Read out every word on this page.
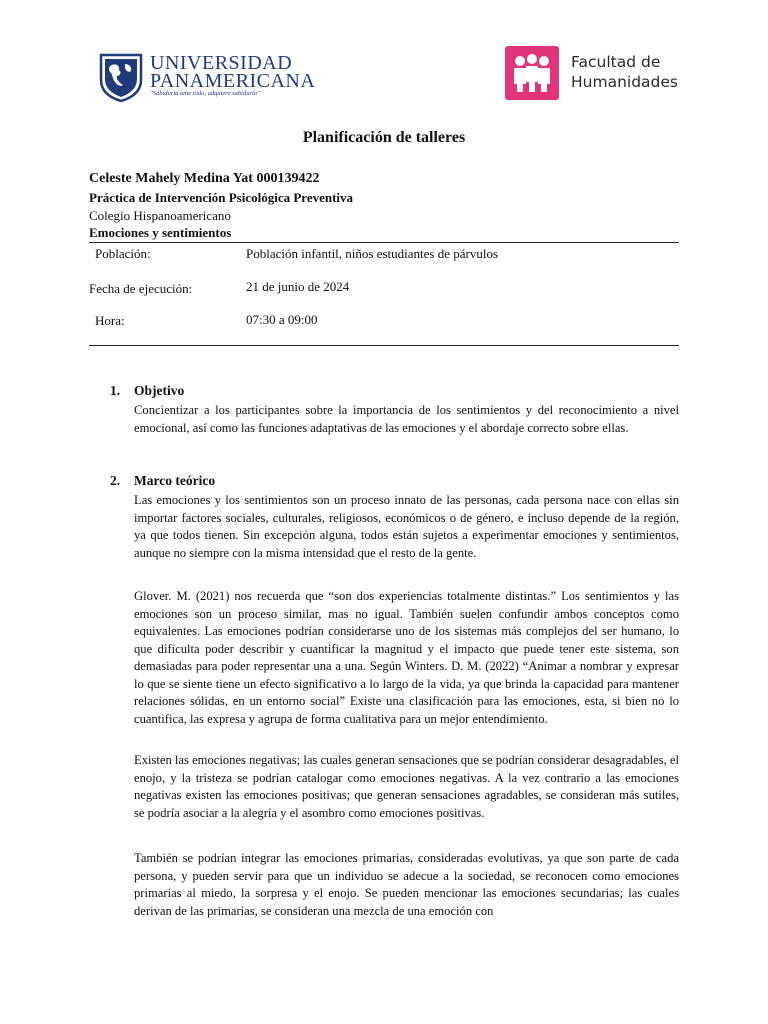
UNIVERSIDAD
PANAMERICANA
"Sabiduría ante todo, adquiere sabiduría"
Facultad de
Humanidades
Planificación de talleres
Celeste Mahely Medina Yat 000139422
Práctica de Intervención Psicológica Preventiva
Colegio Hispanoamericano
Emociones y sentimientos
Población:	Población infantil, niños estudiantes de párvulos
Fecha de ejecución:	21 de junio de 2024
Hora:	07:30 a 09:00
1. Objetivo
Concientizar a los participantes sobre la importancia de los sentimientos y del reconocimiento a nivel emocional, así como las funciones adaptativas de las emociones y el abordaje correcto sobre ellas.
2. Marco teórico
Las emociones y los sentimientos son un proceso innato de las personas, cada persona nace con ellas sin importar factores sociales, culturales, religiosos, económicos o de género, e incluso depende de la región, ya que todos tienen. Sin excepción alguna, todos están sujetos a experimentar emociones y sentimientos, aunque no siempre con la misma intensidad que el resto de la gente.
Glover. M. (2021) nos recuerda que “son dos experiencias totalmente distintas.” Los sentimientos y las emociones son un proceso similar, mas no igual. También suelen confundir ambos conceptos como equivalentes. Las emociones podrían considerarse uno de los sistemas más complejos del ser humano, lo que dificulta poder describir y cuantificar la magnitud y el impacto que puede tener este sistema, son demasiadas para poder representar una a una. Según Winters. D. M. (2022) “Animar a nombrar y expresar lo que se siente tiene un efecto significativo a lo largo de la vida, ya que brinda la capacidad para mantener relaciones sólidas, en un entorno social” Existe una clasificación para las emociones, esta, si bien no lo cuantifica, las expresa y agrupa de forma cualitativa para un mejor entendimiento.
Existen las emociones negativas; las cuales generan sensaciones que se podrían considerar desagradables, el enojo, y la tristeza se podrían catalogar como emociones negativas. A la vez contrario a las emociones negativas existen las emociones positivas; que generan sensaciones agradables, se consideran más sutiles, se podría asociar a la alegría y el asombro como emociones positivas.
También se podrían integrar las emociones primarias, consideradas evolutivas, ya que son parte de cada persona, y pueden servir para que un individuo se adecue a la sociedad, se reconocen como emociones primarias al miedo, la sorpresa y el enojo. Se pueden mencionar las emociones secundarias; las cuales derivan de las primarias, se consideran una mezcla de una emoción con
